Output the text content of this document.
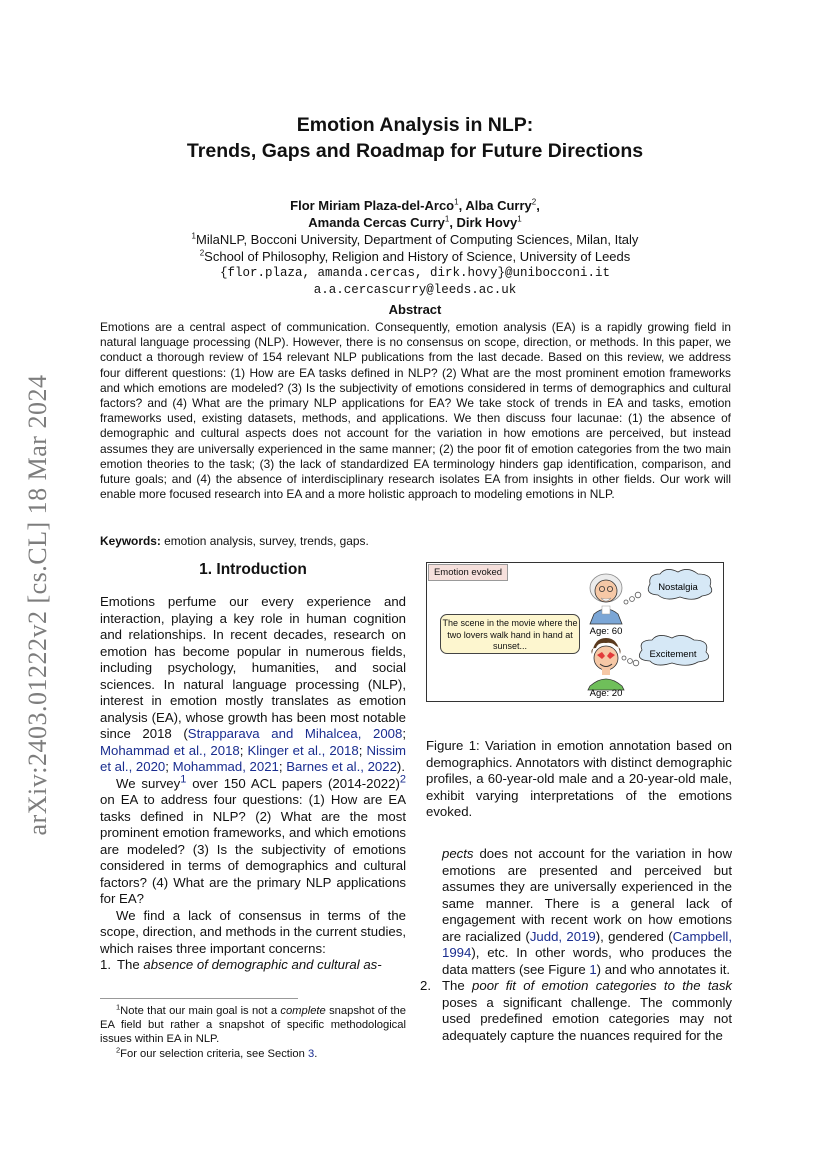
arXiv:2403.01222v2 [cs.CL] 18 Mar 2024
Emotion Analysis in NLP:
Trends, Gaps and Roadmap for Future Directions
Flor Miriam Plaza-del-Arco$^1$, Alba Curry$^2$,
Amanda Cercas Curry$^1$, Dirk Hovy$^1$
$^1$MilaNLP, Bocconi University, Department of Computing Sciences, Milan, Italy
$^2$School of Philosophy, Religion and History of Science, University of Leeds
{flor.plaza, amanda.cercas, dirk.hovy}@unibocconi.it
a.a.cercascurry@leeds.ac.uk
Abstract
Emotions are a central aspect of communication. Consequently, emotion analysis (EA) is a rapidly growing field in natural language processing (NLP). However, there is no consensus on scope, direction, or methods. In this paper, we conduct a thorough review of 154 relevant NLP publications from the last decade. Based on this review, we address four different questions: (1) How are EA tasks defined in NLP? (2) What are the most prominent emotion frameworks and which emotions are modeled? (3) Is the subjectivity of emotions considered in terms of demographics and cultural factors? and (4) What are the primary NLP applications for EA? We take stock of trends in EA and tasks, emotion frameworks used, existing datasets, methods, and applications. We then discuss four lacunae: (1) the absence of demographic and cultural aspects does not account for the variation in how emotions are perceived, but instead assumes they are universally experienced in the same manner; (2) the poor fit of emotion categories from the two main emotion theories to the task; (3) the lack of standardized EA terminology hinders gap identification, comparison, and future goals; and (4) the absence of interdisciplinary research isolates EA from insights in other fields. Our work will enable more focused research into EA and a more holistic approach to modeling emotions in NLP.
Keywords: emotion analysis, survey, trends, gaps.
1. Introduction

Emotions perfume our every experience and interaction, playing a key role in human cognition and relationships. In recent decades, research on emotion has become popular in numerous fields, including psychology, humanities, and social sciences. In natural language processing (NLP), interest in emotion mostly translates as emotion analysis (EA), whose growth has been most notable since 2018 (Strapparava and Mihalcea, 2008; Mohammad et al., 2018; Klinger et al., 2018; Nissim et al., 2020; Mohammad, 2021; Barnes et al., 2022).

We survey$^1$ over 150 ACL papers (2014-2022)$^2$ on EA to address four questions: (1) How are EA tasks defined in NLP? (2) What are the most prominent emotion frameworks, and which emotions are modeled? (3) Is the subjectivity of emotions considered in terms of demographics and cultural factors? (4) What are the primary NLP applications for EA?

We find a lack of consensus in terms of the scope, direction, and methods in the current studies, which raises three important concerns:

1. The absence of demographic and cultural as-

$^1$Note that our main goal is not a complete snapshot of the EA field but rather a snapshot of specific methodological issues within EA in NLP.

$^2$For our selection criteria, see Section 3.

Emotion evoked
The scene in the movie where the two lovers walk hand in hand at sunset...
Nostalgia
Excitement
Age: 60
Age: 20
Figure 1: Variation in emotion annotation based on demographics. Annotators with distinct demographic profiles, a 60-year-old male and a 20-year-old male, exhibit varying interpretations of the emotions evoked.

pects does not account for the variation in how emotions are presented and perceived but assumes they are universally experienced in the same manner. There is a general lack of engagement with recent work on how emotions are racialized (Judd, 2019), gendered (Campbell, 1994), etc. In other words, who produces the data matters (see Figure 1) and who annotates it.

2. The poor fit of emotion categories to the task poses a significant challenge. The commonly used predefined emotion categories may not adequately capture the nuances required for the
